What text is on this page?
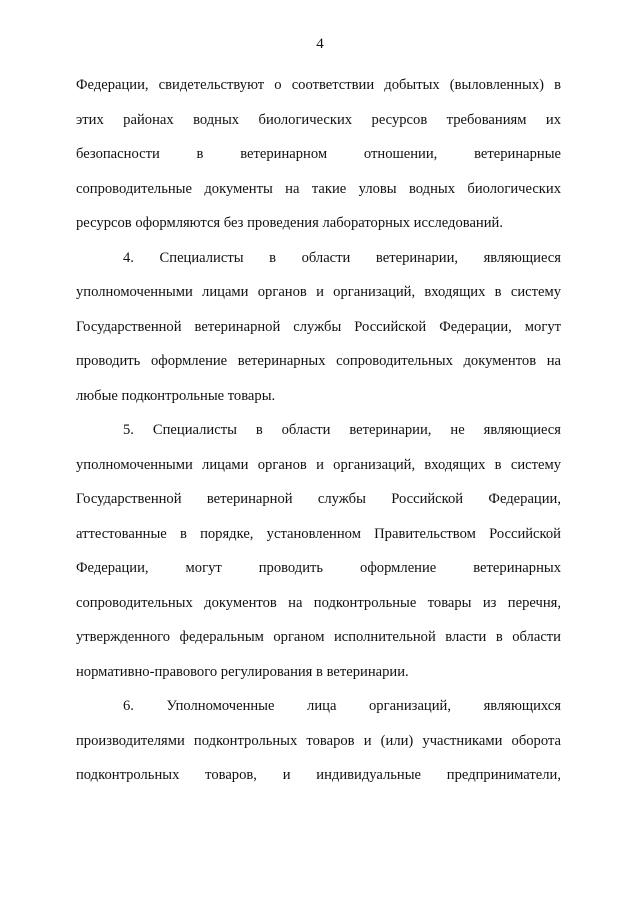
4
Федерации, свидетельствуют о соответствии добытых (выловленных) в
этих районах водных биологических ресурсов требованиям их
безопасности в ветеринарном отношении, ветеринарные
сопроводительные документы на такие уловы водных биологических
ресурсов оформляются без проведения лабораторных исследований.
4. Специалисты в области ветеринарии, являющиеся
уполномоченными лицами органов и организаций, входящих в систему
Государственной ветеринарной службы Российской Федерации, могут
проводить оформление ветеринарных сопроводительных документов на
любые подконтрольные товары.
5. Специалисты в области ветеринарии, не являющиеся
уполномоченными лицами органов и организаций, входящих в систему
Государственной ветеринарной службы Российской Федерации,
аттестованные в порядке, установленном Правительством Российской
Федерации, могут проводить оформление ветеринарных
сопроводительных документов на подконтрольные товары из перечня,
утвержденного федеральным органом исполнительной власти в области
нормативно-правового регулирования в ветеринарии.
6. Уполномоченные лица организаций, являющихся
производителями подконтрольных товаров и (или) участниками оборота
подконтрольных товаров, и индивидуальные предприниматели,
